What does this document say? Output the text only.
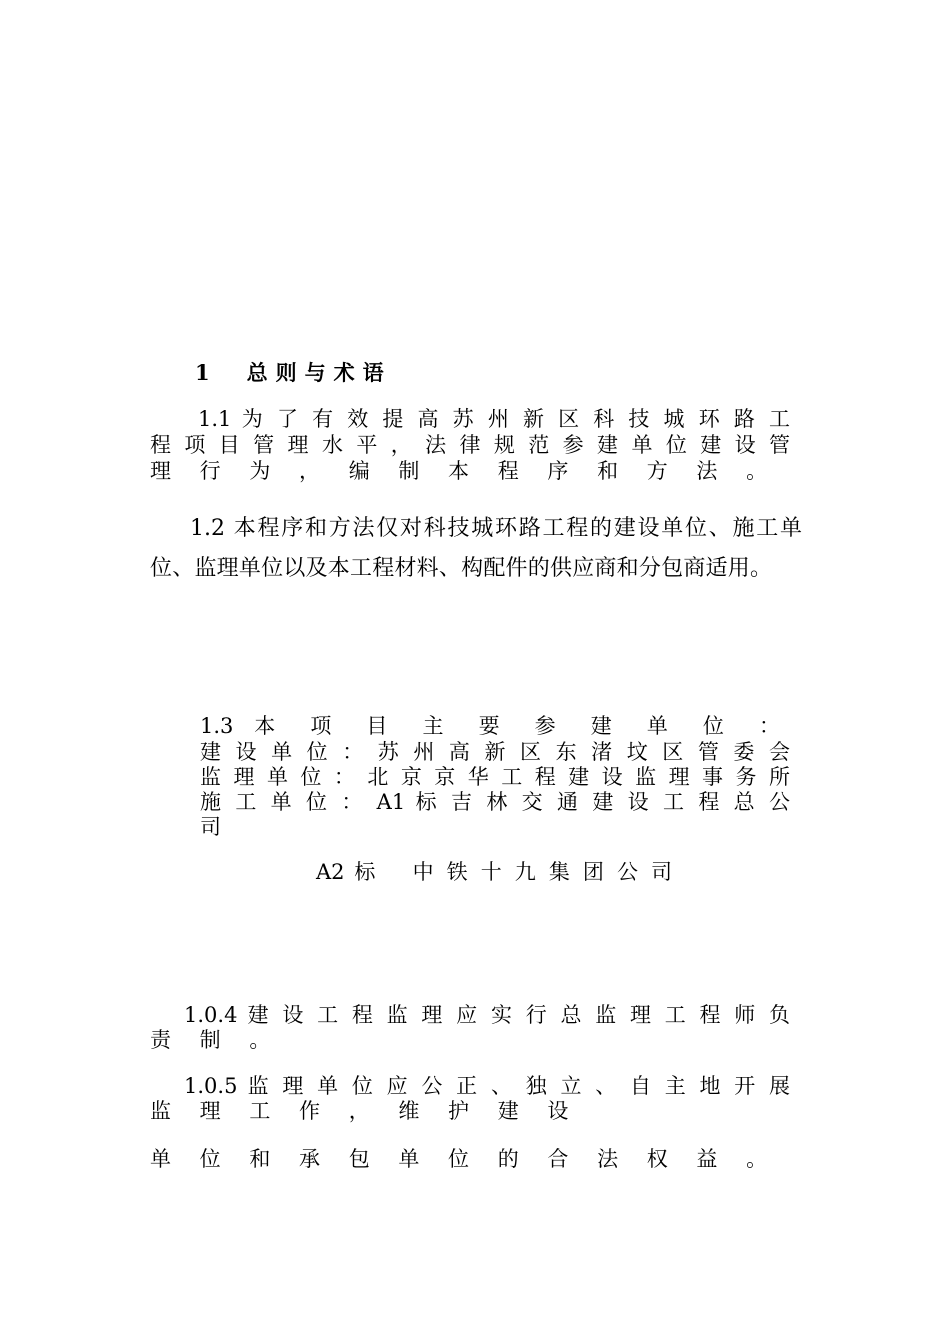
1　总则与术语
1.1 为 了 有 效 提 高 苏 州 新 区 科 技 城 环 路 工
程 项 目 管 理 水 平 ， 法 律 规 范 参 建 单 位 建 设 管
理 行 为 ， 编 制 本 程 序 和 方 法 。
1.2 本程序和方法仅对科技城环路工程的建设单位、施工单
位、监理单位以及本工程材料、构配件的供应商和分包商适用。
1.3 本 项 目 主 要 参 建 单 位 ：
建 设 单 位 ： 苏 州 高 新 区 东 渚 坟 区 管 委 会
监 理 单 位 ： 北 京 京 华 工 程 建 设 监 理 事 务 所
施 工 单 位 ： A1 标 吉 林 交 通 建 设 工 程 总 公
司
A2 标　 中 铁 十 九 集 团 公 司
1.0.4 建 设 工 程 监 理 应 实 行 总 监 理 工 程 师 负
责 制 。
1.0.5 监 理 单 位 应 公 正 、 独 立 、 自 主 地 开 展
监 理 工 作 ， 维 护 建 设
单 位 和 承 包 单 位 的 合 法 权 益 。
